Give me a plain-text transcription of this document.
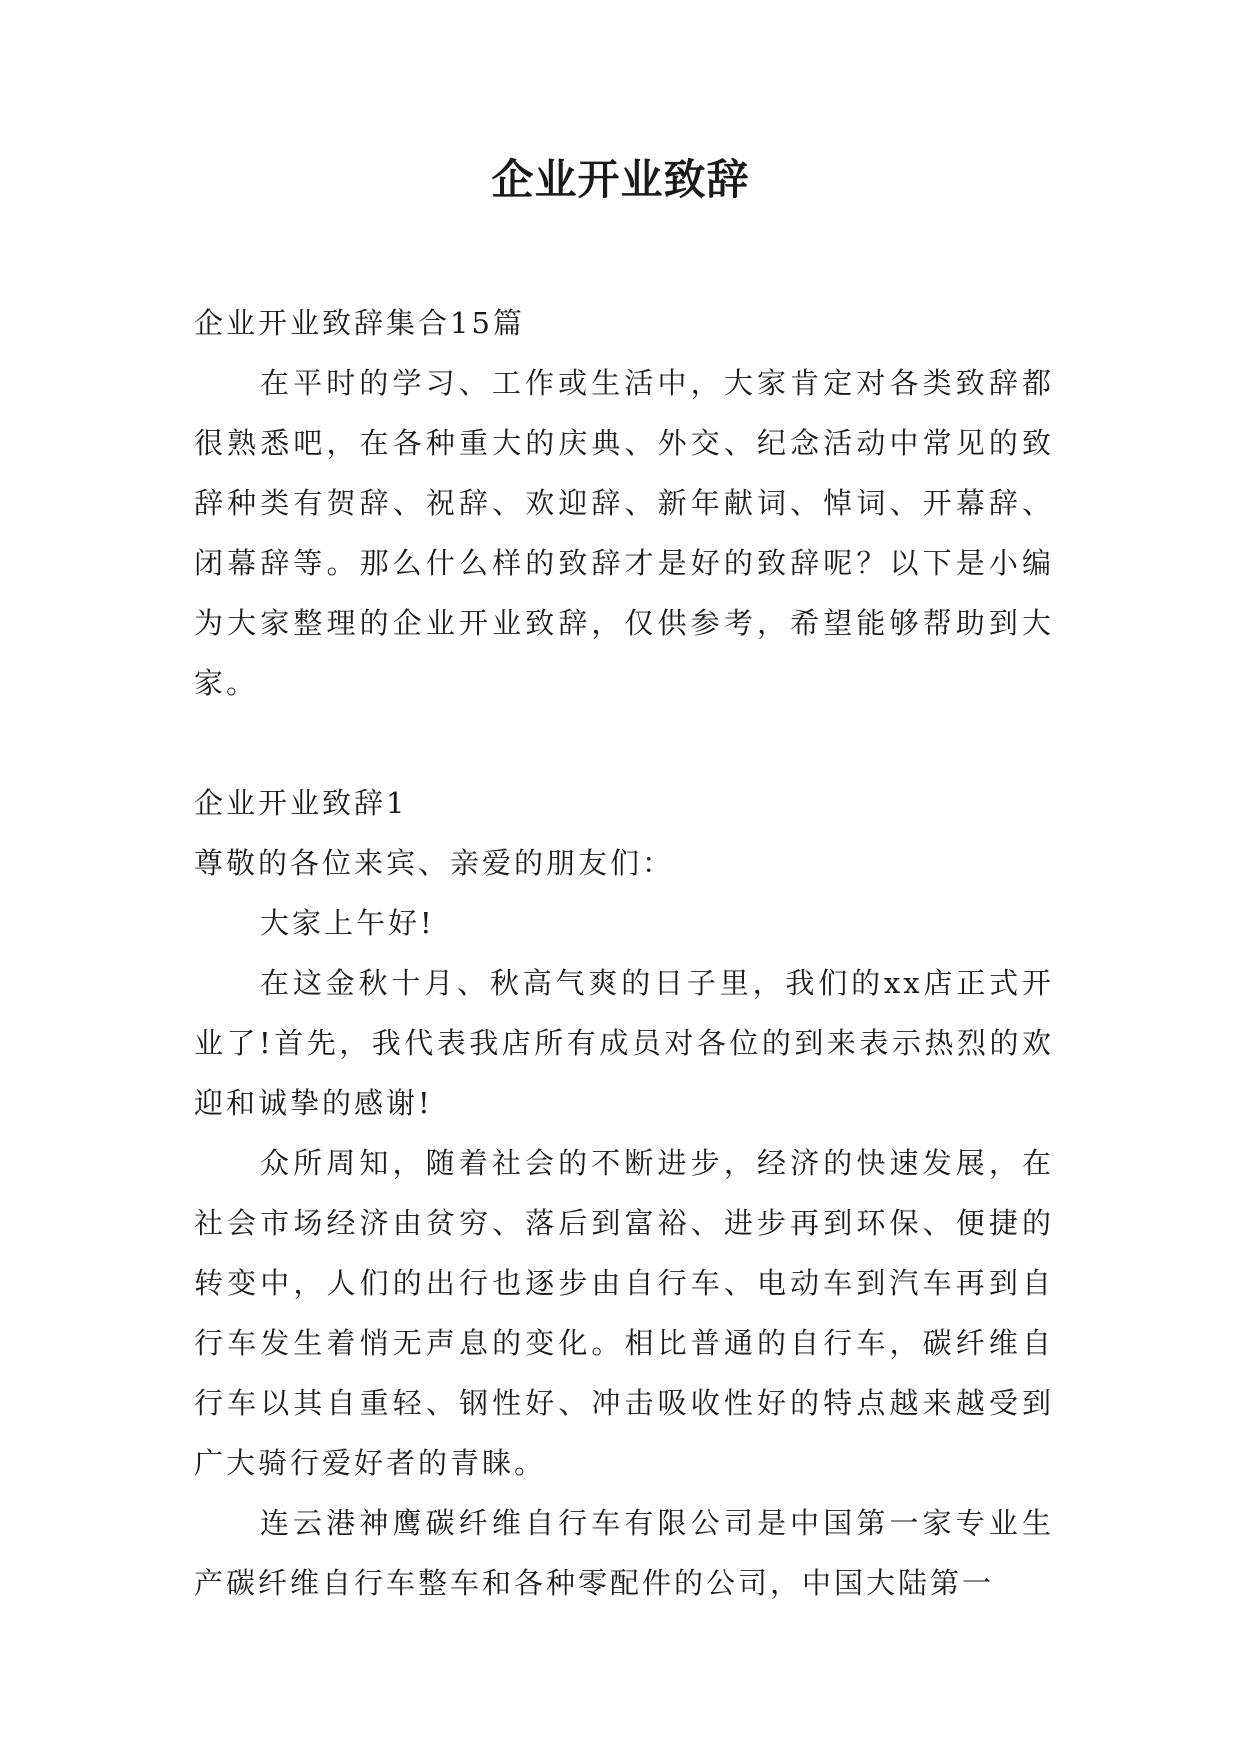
企业开业致辞

企业开业致辞集合15篇

在平时的学习、工作或生活中，大家肯定对各类致辞都很熟悉吧，在各种重大的庆典、外交、纪念活动中常见的致辞种类有贺辞、祝辞、欢迎辞、新年献词、悼词、开幕辞、闭幕辞等。那么什么样的致辞才是好的致辞呢？以下是小编为大家整理的企业开业致辞，仅供参考，希望能够帮助到大家。

企业开业致辞1

尊敬的各位来宾、亲爱的朋友们：

大家上午好!

在这金秋十月、秋高气爽的日子里，我们的xx店正式开业了!首先，我代表我店所有成员对各位的到来表示热烈的欢迎和诚挚的感谢!

众所周知，随着社会的不断进步，经济的快速发展，在社会市场经济由贫穷、落后到富裕、进步再到环保、便捷的转变中，人们的出行也逐步由自行车、电动车到汽车再到自行车发生着悄无声息的变化。相比普通的自行车，碳纤维自行车以其自重轻、钢性好、冲击吸收性好的特点越来越受到广大骑行爱好者的青睐。

连云港神鹰碳纤维自行车有限公司是中国第一家专业生产碳纤维自行车整车和各种零配件的公司，中国大陆第一
